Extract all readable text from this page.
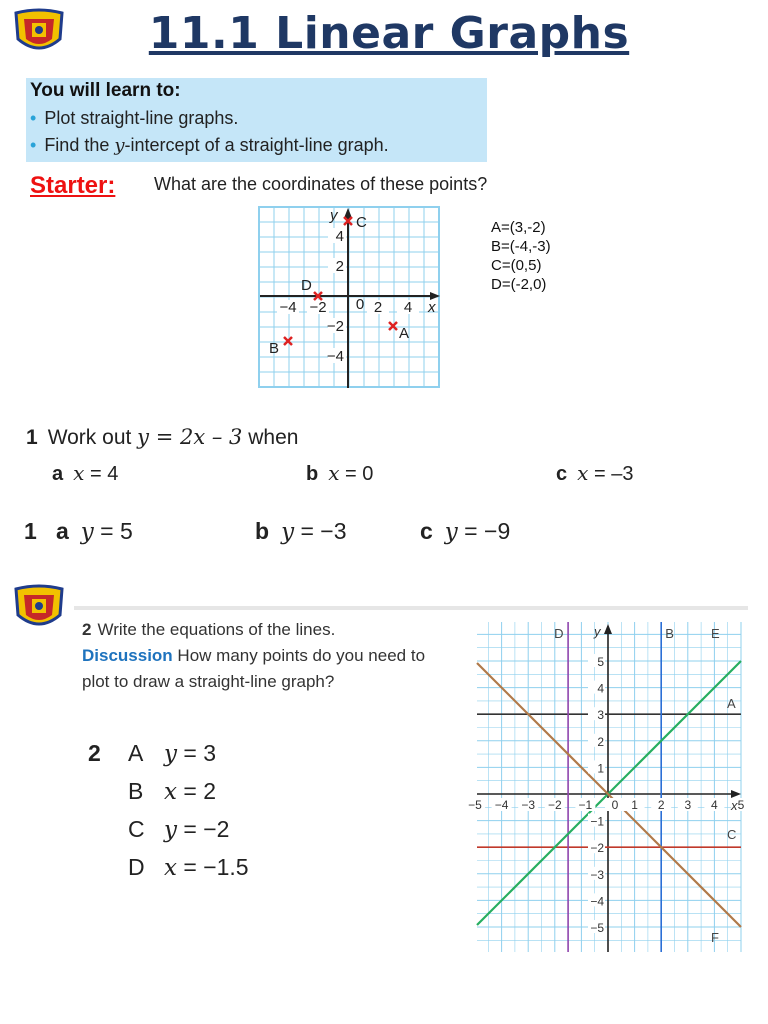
11.1 Linear Graphs
You will learn to:
• Plot straight-line graphs.
• Find the y-intercept of a straight-line graph.
Starter: What are the coordinates of these points?
x
y
−4 −2	2 4
4
2
−2
−4
0
A
B
C
D
A=(3,-2)
B=(-4,-3)
C=(0,5)
D=(-2,0)
1 Work out y = 2x – 3 when
a x = 4	b x = 0	c x = –3
1 a y = 5	b y = −3	c y = −9
2 Write the equations of the lines.
Discussion How many points do you need to plot to draw a straight-line graph?
2 A y = 3
B x = 2
C y = −2
D x = −1.5
A
B
C
D	E
F
−5 −4 −3 −2 −1 0 1 2 3 4 5
5
4
3
2
1
−1
−2
−3
−4
−5
x
y
